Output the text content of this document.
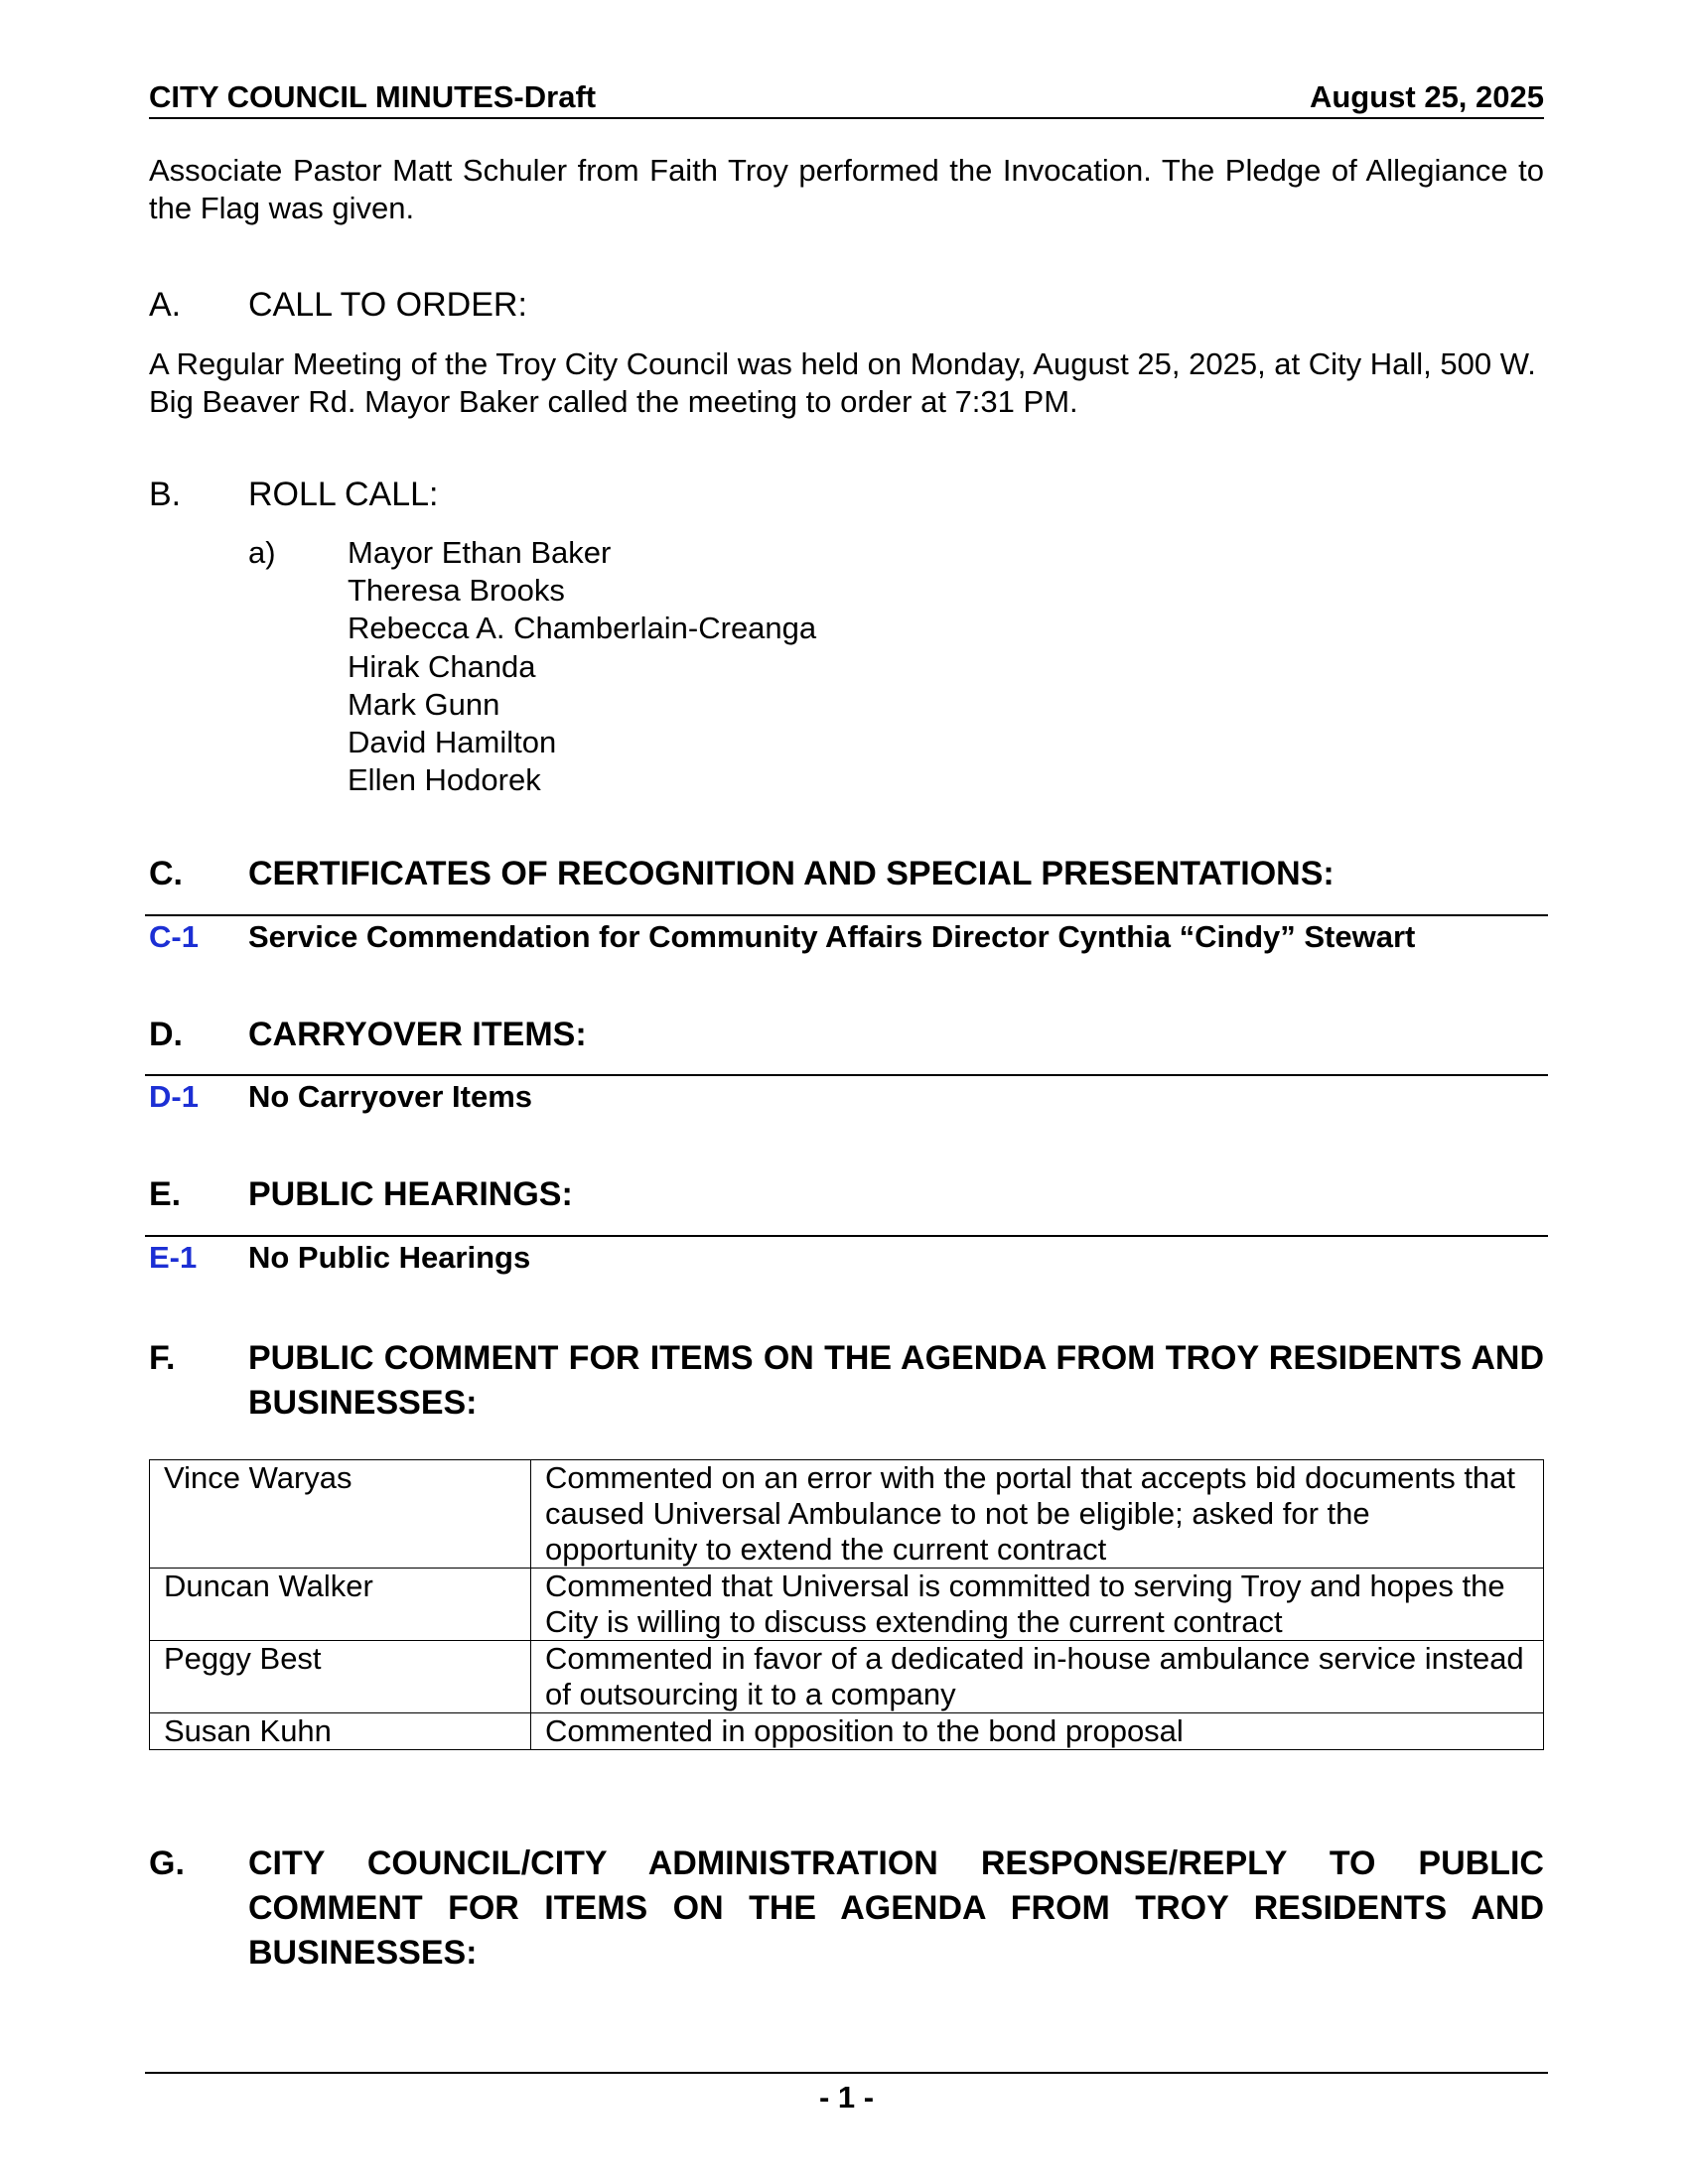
CITY COUNCIL MINUTES-Draft	August 25, 2025
Associate Pastor Matt Schuler from Faith Troy performed the Invocation. The Pledge of Allegiance to the Flag was given.
A. CALL TO ORDER:
A Regular Meeting of the Troy City Council was held on Monday, August 25, 2025, at City Hall, 500 W. Big Beaver Rd. Mayor Baker called the meeting to order at 7:31 PM.
B. ROLL CALL:
a) Mayor Ethan Baker
Theresa Brooks
Rebecca A. Chamberlain-Creanga
Hirak Chanda
Mark Gunn
David Hamilton
Ellen Hodorek
C. CERTIFICATES OF RECOGNITION AND SPECIAL PRESENTATIONS:
C-1 Service Commendation for Community Affairs Director Cynthia “Cindy” Stewart
D. CARRYOVER ITEMS:
D-1 No Carryover Items
E. PUBLIC HEARINGS:
E-1 No Public Hearings
F. PUBLIC COMMENT FOR ITEMS ON THE AGENDA FROM TROY RESIDENTS AND BUSINESSES:
Vince Waryas	Commented on an error with the portal that accepts bid documents that caused Universal Ambulance to not be eligible; asked for the opportunity to extend the current contract
Duncan Walker	Commented that Universal is committed to serving Troy and hopes the City is willing to discuss extending the current contract
Peggy Best	Commented in favor of a dedicated in-house ambulance service instead of outsourcing it to a company
Susan Kuhn	Commented in opposition to the bond proposal
G. CITY COUNCIL/CITY ADMINISTRATION RESPONSE/REPLY TO PUBLIC COMMENT FOR ITEMS ON THE AGENDA FROM TROY RESIDENTS AND BUSINESSES:
- 1 -
